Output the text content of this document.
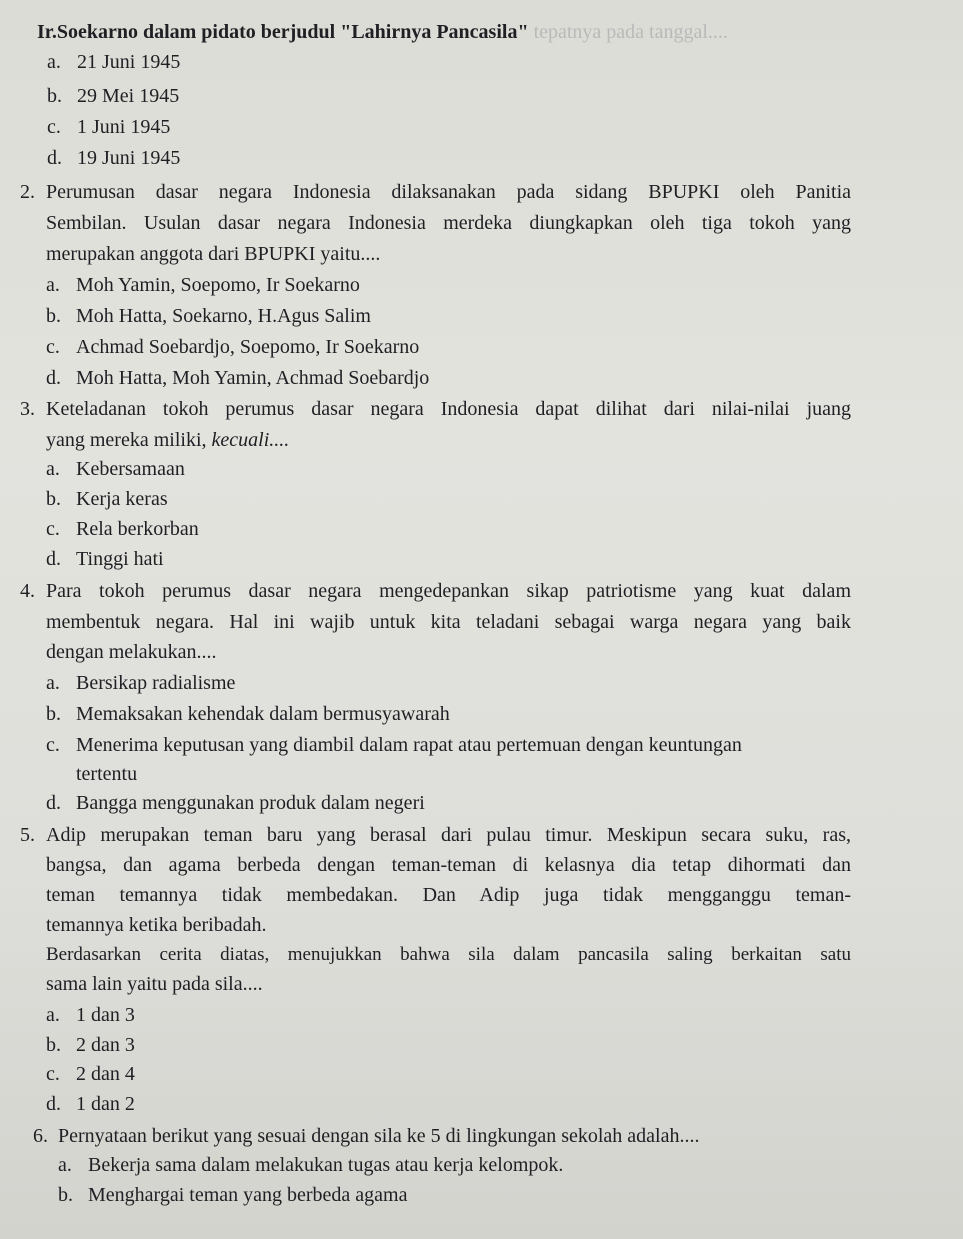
Ir.Soekarno dalam pidato berjudul "Lahirnya Pancasila" tepatnya pada tanggal....
a. 21 Juni 1945
b. 29 Mei 1945
c. 1 Juni 1945
d. 19 Juni 1945
2. Perumusan dasar negara Indonesia dilaksanakan pada sidang BPUPKI oleh Panitia
Sembilan. Usulan dasar negara Indonesia merdeka diungkapkan oleh tiga tokoh yang
merupakan anggota dari BPUPKI yaitu....
a. Moh Yamin, Soepomo, Ir Soekarno
b. Moh Hatta, Soekarno, H.Agus Salim
c. Achmad Soebardjo, Soepomo, Ir Soekarno
d. Moh Hatta, Moh Yamin, Achmad Soebardjo
3. Keteladanan tokoh perumus dasar negara Indonesia dapat dilihat dari nilai-nilai juang
yang mereka miliki, kecuali....
a. Kebersamaan
b. Kerja keras
c. Rela berkorban
d. Tinggi hati
4. Para tokoh perumus dasar negara mengedepankan sikap patriotisme yang kuat dalam
membentuk negara. Hal ini wajib untuk kita teladani sebagai warga negara yang baik
dengan melakukan....
a. Bersikap radialisme
b. Memaksakan kehendak dalam bermusyawarah
c. Menerima keputusan yang diambil dalam rapat atau pertemuan dengan keuntungan
tertentu
d. Bangga menggunakan produk dalam negeri
5. Adip merupakan teman baru yang berasal dari pulau timur. Meskipun secara suku, ras,
bangsa, dan agama berbeda dengan teman-teman di kelasnya dia tetap dihormati dan
teman temannya tidak membedakan. Dan Adip juga tidak mengganggu teman-
temannya ketika beribadah.
Berdasarkan cerita diatas, menujukkan bahwa sila dalam pancasila saling berkaitan satu
sama lain yaitu pada sila....
a. 1 dan 3
b. 2 dan 3
c. 2 dan 4
d. 1 dan 2
6. Pernyataan berikut yang sesuai dengan sila ke 5 di lingkungan sekolah adalah....
a. Bekerja sama dalam melakukan tugas atau kerja kelompok.
b. Menghargai teman yang berbeda agama
